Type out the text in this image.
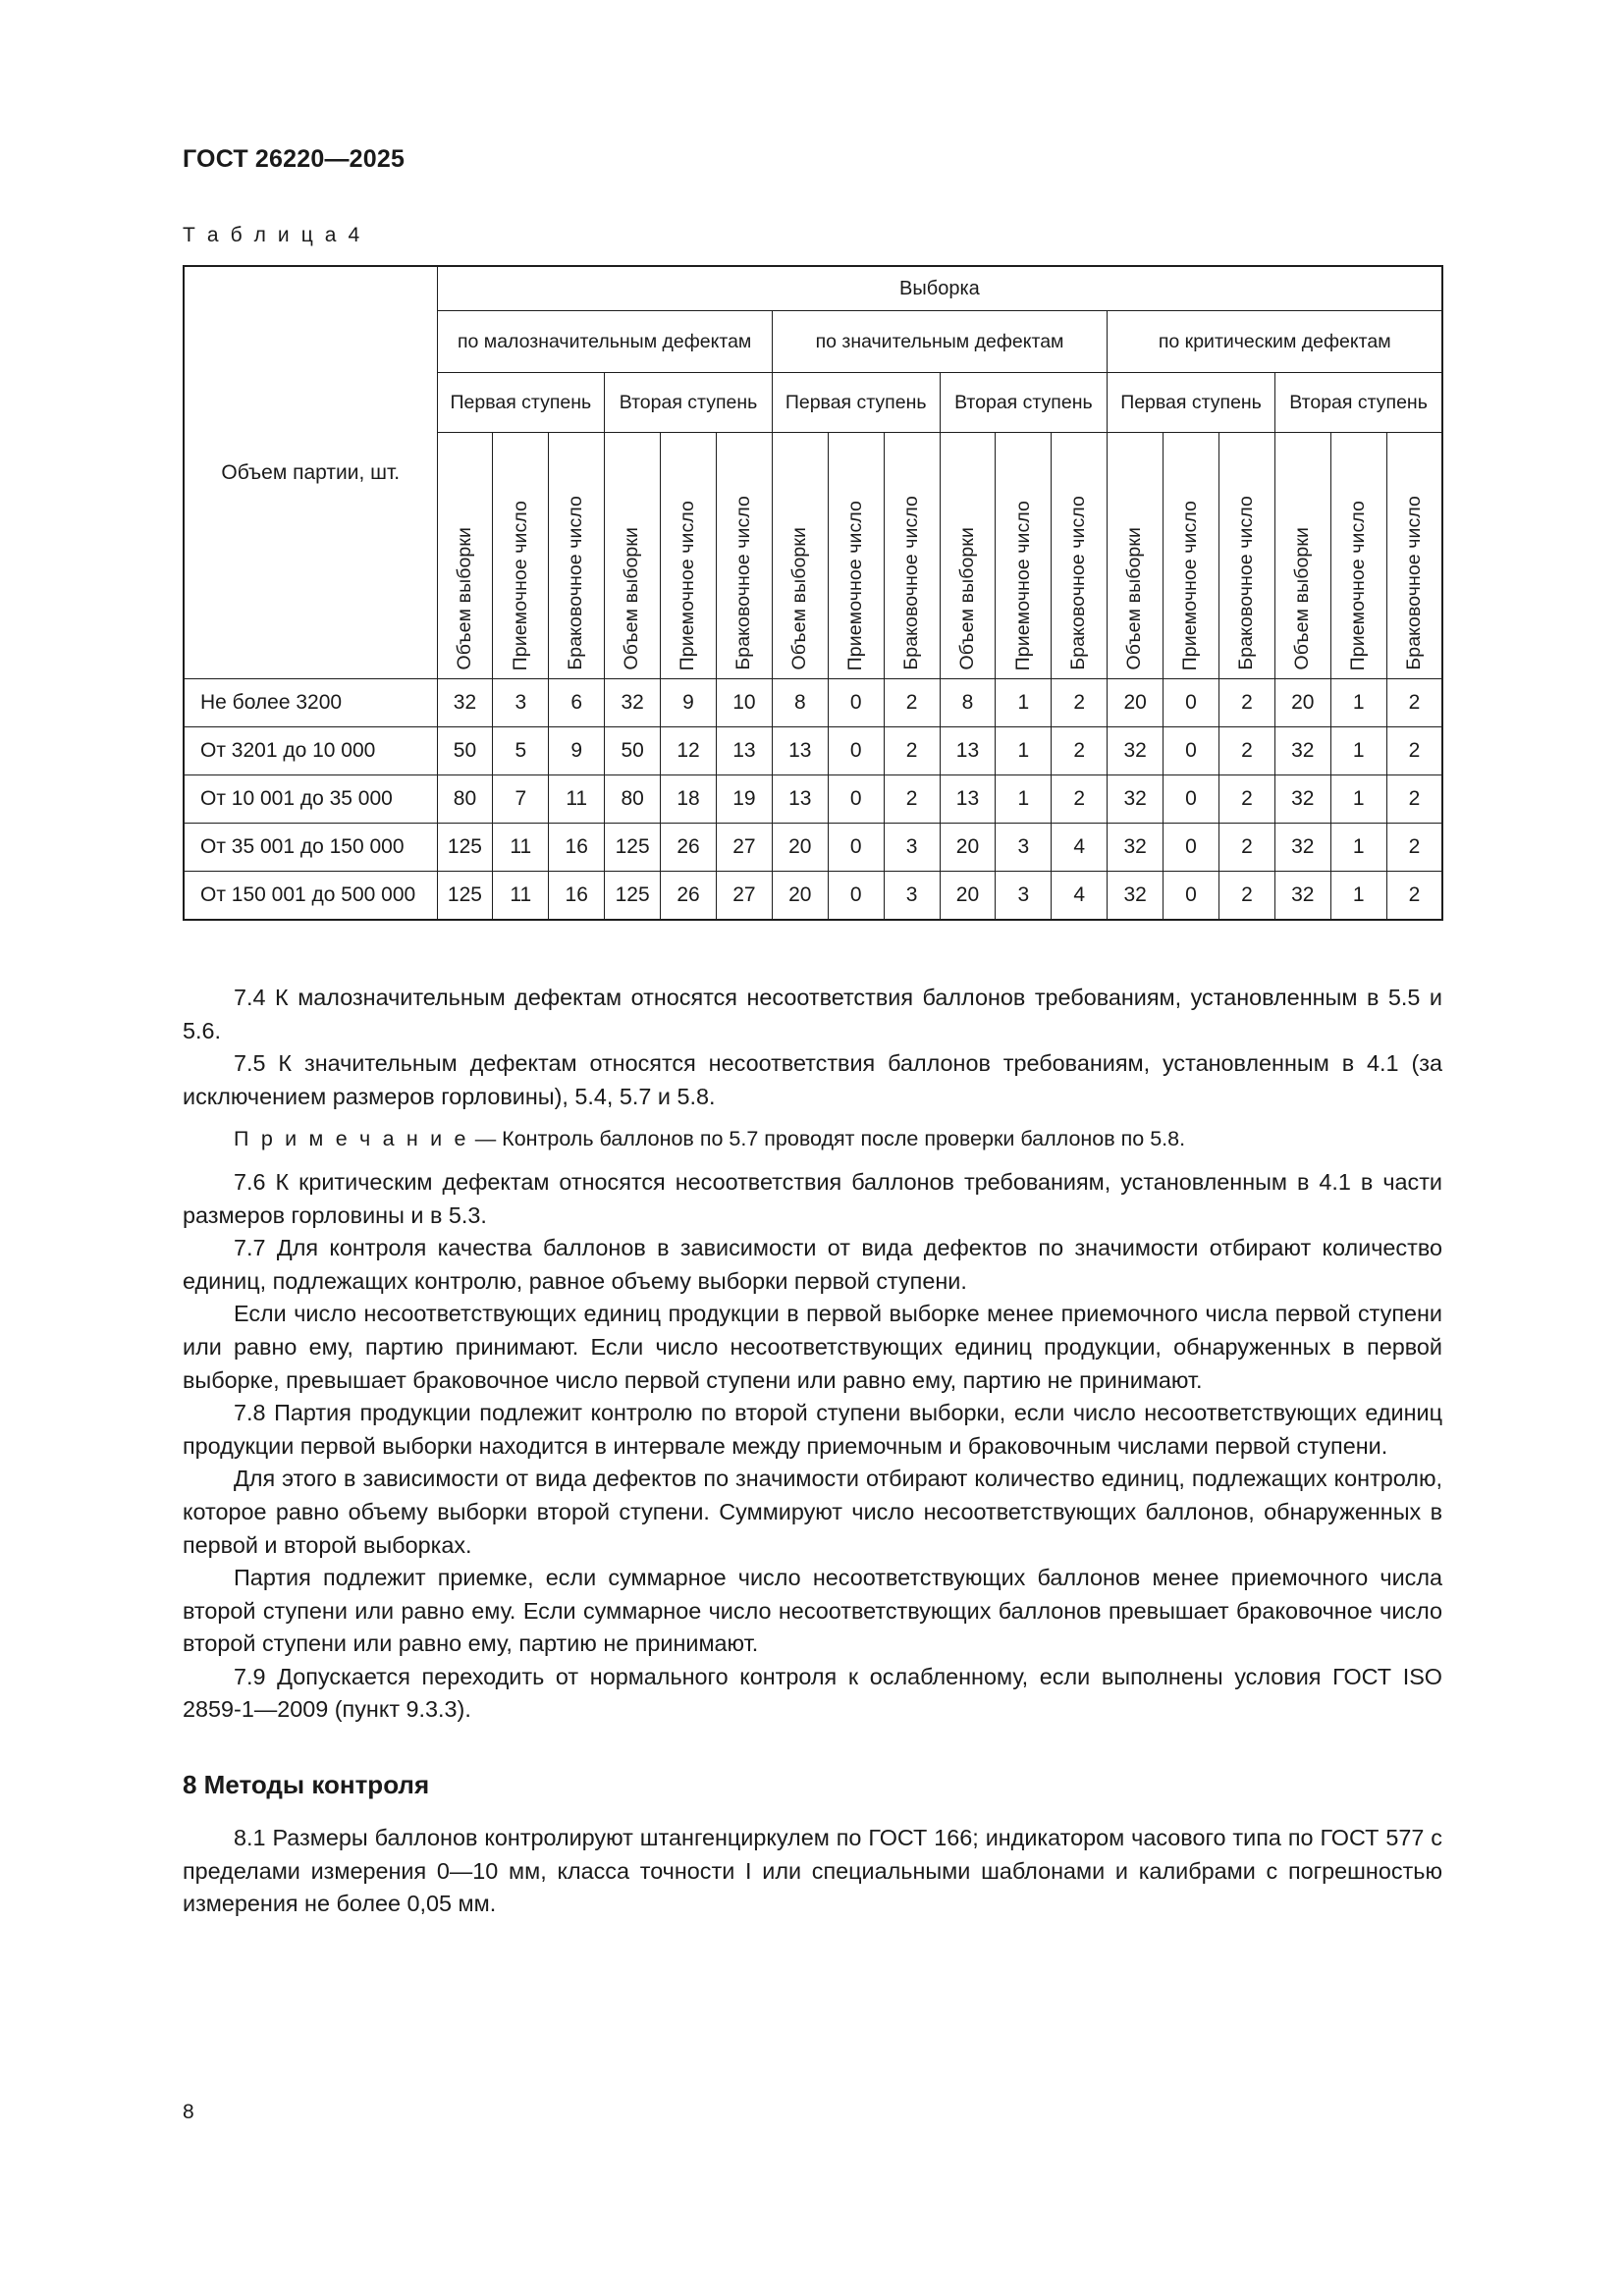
ГОСТ 26220—2025
Т а б л и ц а 4
Объем партии, шт.	Выборка																	
	по малозначительным дефектам						по значительным дефектам						по критическим дефектам					
	Первая ступень			Вторая ступень			Первая ступень			Вторая ступень			Первая ступень			Вторая ступень		

	Объем выборки	Приемочное число	Браковочное число	Объем выборки	Приемочное число	Браковочное число	Объем выборки	Приемочное число	Браковочное число	Объем выборки	Приемочное число	Браковочное число	Объем выборки	Приемочное число	Браковочное число	Объем выборки	Приемочное число	Браковочное число

Не более 3200	32	3	6	32	9	10	8	0	2	8	1	2	20	0	2	20	1	2
От 3201 до 10 000	50	5	9	50	12	13	13	0	2	13	1	2	32	0	2	32	1	2
От 10 001 до 35 000	80	7	11	80	18	19	13	0	2	13	1	2	32	0	2	32	1	2
От 35 001 до 150 000	125	11	16	125	26	27	20	0	3	20	3	4	32	0	2	32	1	2
От 150 001 до 500 000	125	11	16	125	26	27	20	0	3	20	3	4	32	0	2	32	1	2

7.4 К малозначительным дефектам относятся несоответствия баллонов требованиям, установленным в 5.5 и 5.6.

7.5 К значительным дефектам относятся несоответствия баллонов требованиям, установленным в 4.1 (за исключением размеров горловины), 5.4, 5.7 и 5.8.

П р и м е ч а н и е — Контроль баллонов по 5.7 проводят после проверки баллонов по 5.8.

7.6 К критическим дефектам относятся несоответствия баллонов требованиям, установленным в 4.1 в части размеров горловины и в 5.3.

7.7 Для контроля качества баллонов в зависимости от вида дефектов по значимости отбирают количество единиц, подлежащих контролю, равное объему выборки первой ступени.

Если число несоответствующих единиц продукции в первой выборке менее приемочного числа первой ступени или равно ему, партию принимают. Если число несоответствующих единиц продукции, обнаруженных в первой выборке, превышает браковочное число первой ступени или равно ему, партию не принимают.

7.8 Партия продукции подлежит контролю по второй ступени выборки, если число несоответствующих единиц продукции первой выборки находится в интервале между приемочным и браковочным числами первой ступени.

Для этого в зависимости от вида дефектов по значимости отбирают количество единиц, подлежащих контролю, которое равно объему выборки второй ступени. Суммируют число несоответствующих баллонов, обнаруженных в первой и второй выборках.

Партия подлежит приемке, если суммарное число несоответствующих баллонов менее приемочного числа второй ступени или равно ему. Если суммарное число несоответствующих баллонов превышает браковочное число второй ступени или равно ему, партию не принимают.

7.9 Допускается переходить от нормального контроля к ослабленному, если выполнены условия ГОСТ ISO 2859-1—2009 (пункт 9.3.3).

8 Методы контроля

8.1 Размеры баллонов контролируют штангенциркулем по ГОСТ 166; индикатором часового типа по ГОСТ 577 с пределами измерения 0—10 мм, класса точности I или специальными шаблонами и калибрами с погрешностью измерения не более 0,05 мм.

8
